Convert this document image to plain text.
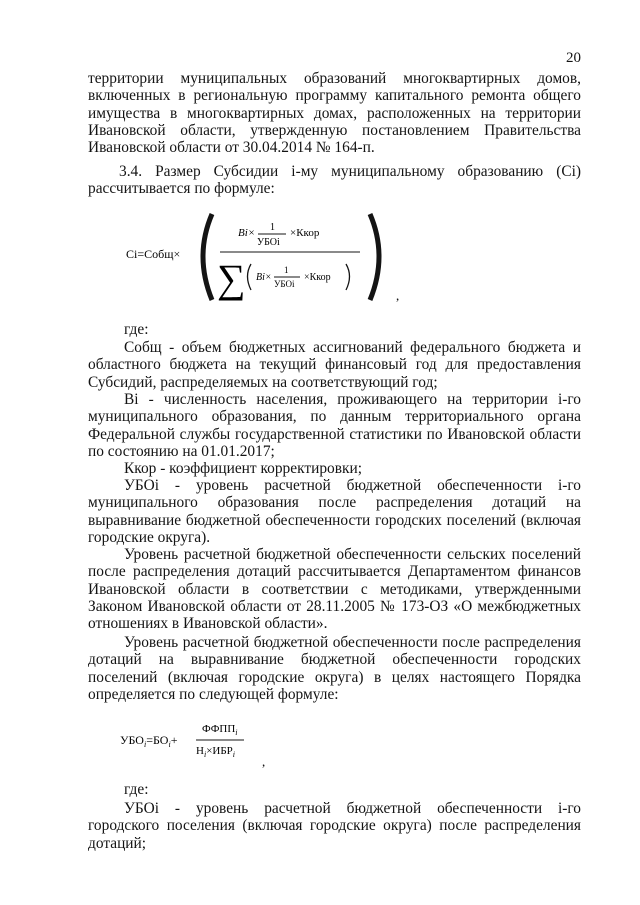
20
территории муниципальных образований многоквартирных домов,
включенных в региональную программу капитального ремонта общего
имущества в многоквартирных домах, расположенных на территории
Ивановской области, утвержденную постановлением Правительства
Ивановской области от 30.04.2014 № 164-п.
3.4. Размер Субсидии i-му муниципальному образованию (Ci)
рассчитывается по формуле:
Ci=Собщ×
Bi× 1
УБОi
×Ккор
∑ Bi×
1
УБОi
×Ккор
,
где:
Собщ - объем бюджетных ассигнований федерального бюджета и
областного бюджета на текущий финансовый год для предоставления
Субсидий, распределяемых на соответствующий год;
Bi - численность населения, проживающего на территории i-го
муниципального образования, по данным территориального органа
Федеральной службы государственной статистики по Ивановской области
по состоянию на 01.01.2017;
Ккор - коэффициент корректировки;
УБОi - уровень расчетной бюджетной обеспеченности i-го
муниципального образования после распределения дотаций на
выравнивание бюджетной обеспеченности городских поселений (включая
городские округа).
Уровень расчетной бюджетной обеспеченности сельских поселений
после распределения дотаций рассчитывается Департаментом финансов
Ивановской области в соответствии с методиками, утвержденными
Законом Ивановской области от 28.11.2005 № 173-ОЗ «О межбюджетных
отношениях в Ивановской области».
Уровень расчетной бюджетной обеспеченности после распределения
дотаций на выравнивание бюджетной обеспеченности городских
поселений (включая городские округа) в целях настоящего Порядка
определяется по следующей формуле:
$УБО_i=БО_i+$
$ФФПП_i$
$Н_i\times ИБР_i$ ,
где:
УБОi - уровень расчетной бюджетной обеспеченности i-го
городского поселения (включая городские округа) после распределения
дотаций;
